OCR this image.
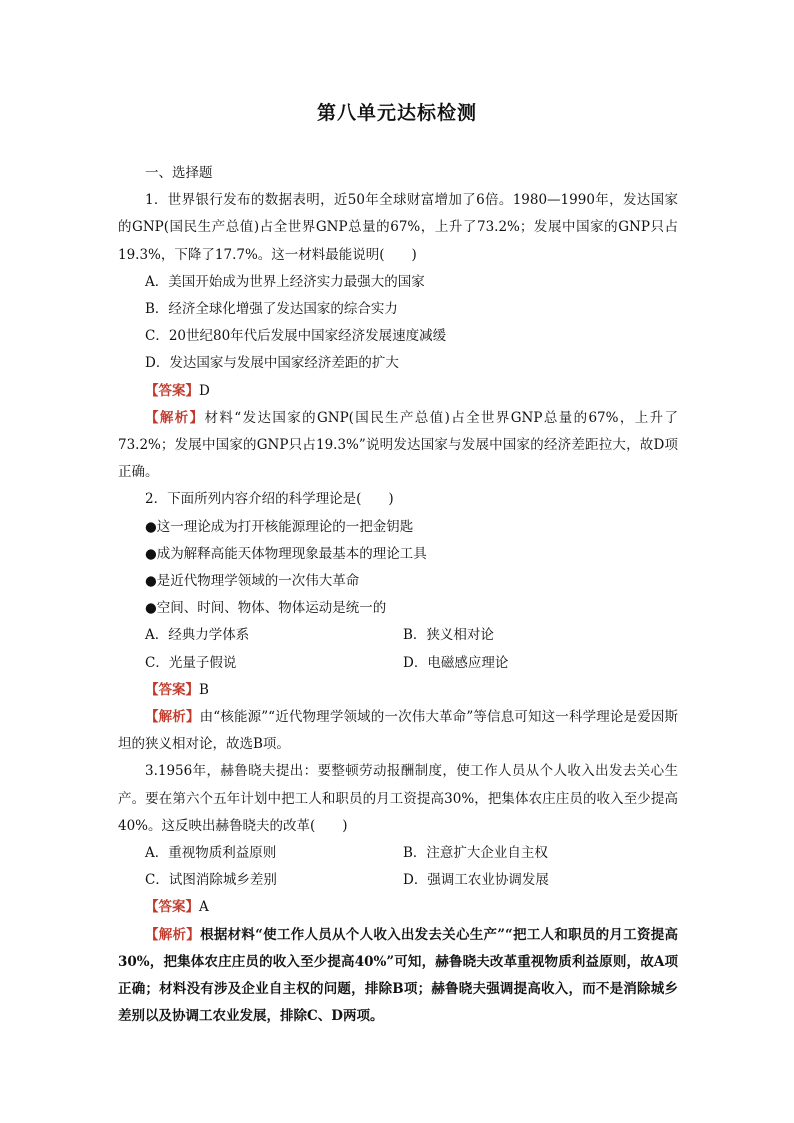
第八单元达标检测

一、选择题

1．世界银行发布的数据表明，近50年全球财富增加了6倍。1980—1990年，发达国家的GNP(国民生产总值)占全世界GNP总量的67%，上升了73.2%；发展中国家的GNP只占19.3%，下降了17.7%。这一材料最能说明(　　)

A．美国开始成为世界上经济实力最强大的国家

B．经济全球化增强了发达国家的综合实力

C．20世纪80年代后发展中国家经济发展速度减缓

D．发达国家与发展中国家经济差距的扩大

【答案】D

【解析】材料“发达国家的GNP(国民生产总值)占全世界GNP总量的67%，上升了73.2%；发展中国家的GNP只占19.3%”说明发达国家与发展中国家的经济差距拉大，故D项正确。

2．下面所列内容介绍的科学理论是(　　)

●这一理论成为打开核能源理论的一把金钥匙

●成为解释高能天体物理现象最基本的理论工具

●是近代物理学领域的一次伟大革命

●空间、时间、物体、物体运动是统一的

A．经典力学体系	B．狭义相对论
C．光量子假说	D．电磁感应理论

【答案】B

【解析】由“核能源”“近代物理学领域的一次伟大革命”等信息可知这一科学理论是爱因斯坦的狭义相对论，故选B项。

3.1956年，赫鲁晓夫提出：要整顿劳动报酬制度，使工作人员从个人收入出发去关心生产。要在第六个五年计划中把工人和职员的月工资提高30%，把集体农庄庄员的收入至少提高40%。这反映出赫鲁晓夫的改革(　　)

A．重视物质利益原则	B．注意扩大企业自主权
C．试图消除城乡差别	D．强调工农业协调发展

【答案】A

【解析】根据材料“使工作人员从个人收入出发去关心生产”“把工人和职员的月工资提高30%，把集体农庄庄员的收入至少提高40%”可知，赫鲁晓夫改革重视物质利益原则，故A项正确；材料没有涉及企业自主权的问题，排除B项；赫鲁晓夫强调提高收入，而不是消除城乡差别以及协调工农业发展，排除C、D两项。
